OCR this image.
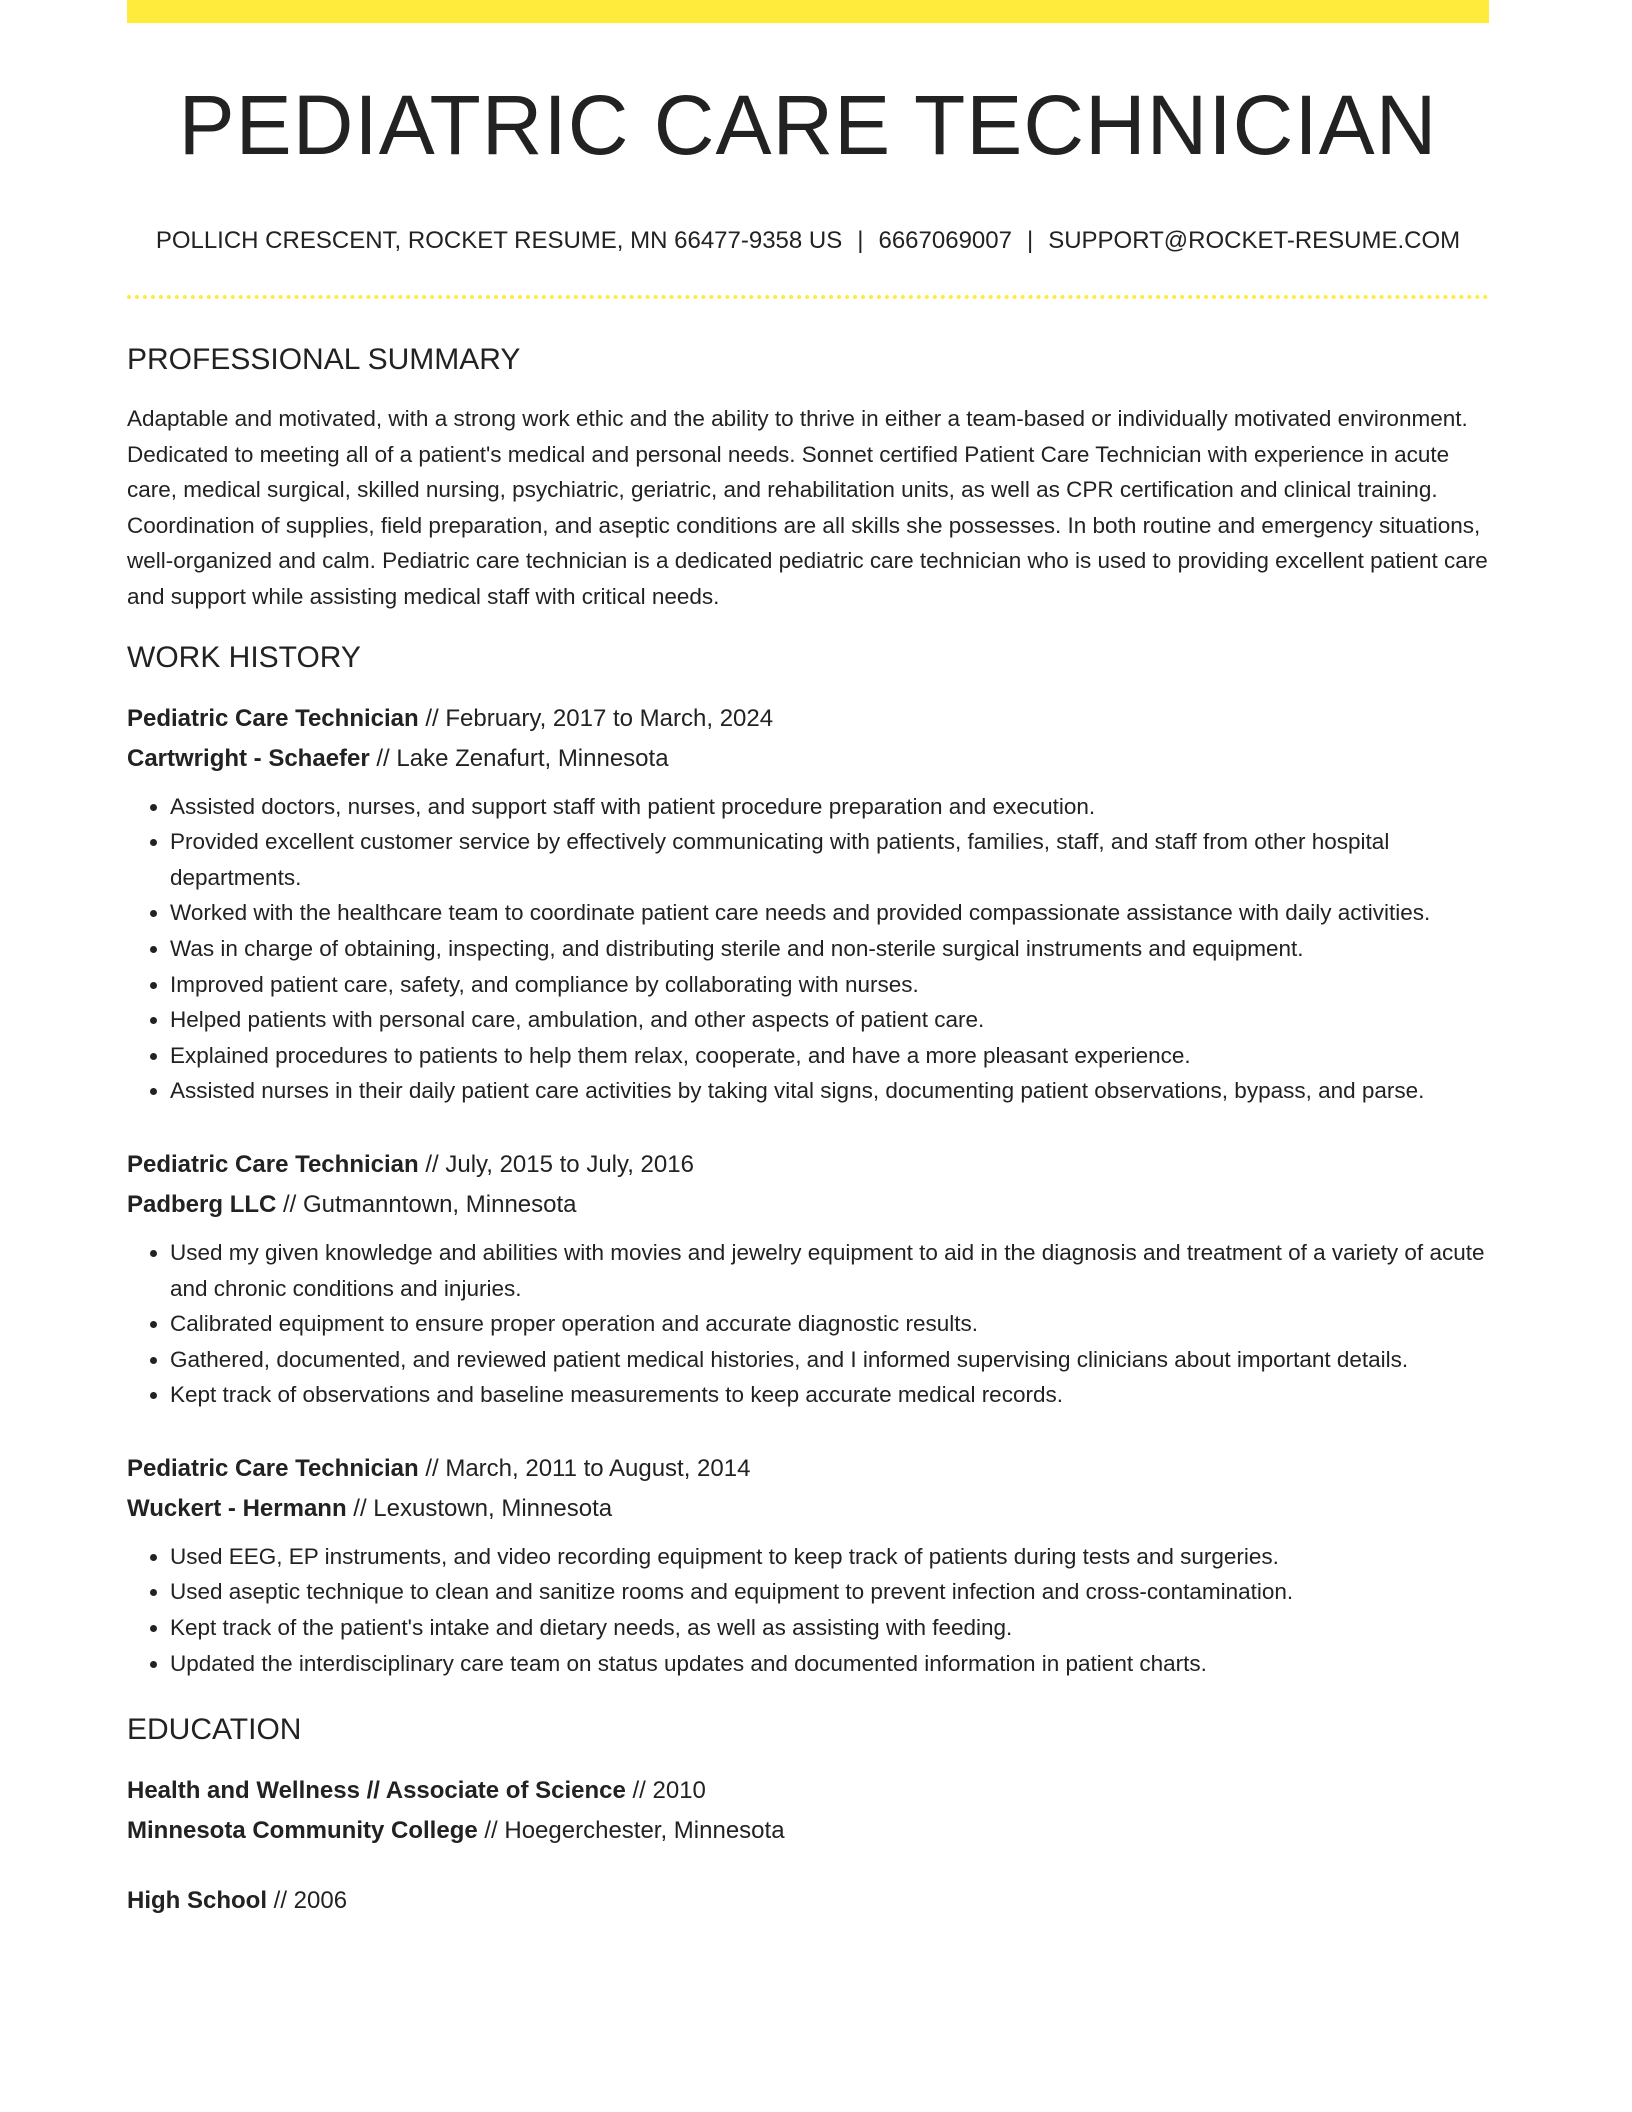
PEDIATRIC CARE TECHNICIAN
POLLICH CRESCENT, ROCKET RESUME, MN 66477-9358 US | 6667069007 | SUPPORT@ROCKET-RESUME.COM
PROFESSIONAL SUMMARY
Adaptable and motivated, with a strong work ethic and the ability to thrive in either a team-based or individually motivated environment. Dedicated to meeting all of a patient's medical and personal needs. Sonnet certified Patient Care Technician with experience in acute care, medical surgical, skilled nursing, psychiatric, geriatric, and rehabilitation units, as well as CPR certification and clinical training. Coordination of supplies, field preparation, and aseptic conditions are all skills she possesses. In both routine and emergency situations, well-organized and calm. Pediatric care technician is a dedicated pediatric care technician who is used to providing excellent patient care and support while assisting medical staff with critical needs.
WORK HISTORY
Pediatric Care Technician // February, 2017 to March, 2024
Cartwright - Schaefer // Lake Zenafurt, Minnesota
• Assisted doctors, nurses, and support staff with patient procedure preparation and execution.
• Provided excellent customer service by effectively communicating with patients, families, staff, and staff from other hospital departments.
• Worked with the healthcare team to coordinate patient care needs and provided compassionate assistance with daily activities.
• Was in charge of obtaining, inspecting, and distributing sterile and non-sterile surgical instruments and equipment.
• Improved patient care, safety, and compliance by collaborating with nurses.
• Helped patients with personal care, ambulation, and other aspects of patient care.
• Explained procedures to patients to help them relax, cooperate, and have a more pleasant experience.
• Assisted nurses in their daily patient care activities by taking vital signs, documenting patient observations, bypass, and parse.
Pediatric Care Technician // July, 2015 to July, 2016
Padberg LLC // Gutmanntown, Minnesota
• Used my given knowledge and abilities with movies and jewelry equipment to aid in the diagnosis and treatment of a variety of acute and chronic conditions and injuries.
• Calibrated equipment to ensure proper operation and accurate diagnostic results.
• Gathered, documented, and reviewed patient medical histories, and I informed supervising clinicians about important details.
• Kept track of observations and baseline measurements to keep accurate medical records.
Pediatric Care Technician // March, 2011 to August, 2014
Wuckert - Hermann // Lexustown, Minnesota
• Used EEG, EP instruments, and video recording equipment to keep track of patients during tests and surgeries.
• Used aseptic technique to clean and sanitize rooms and equipment to prevent infection and cross-contamination.
• Kept track of the patient's intake and dietary needs, as well as assisting with feeding.
• Updated the interdisciplinary care team on status updates and documented information in patient charts.
EDUCATION
Health and Wellness // Associate of Science // 2010
Minnesota Community College // Hoegerchester, Minnesota
High School // 2006
